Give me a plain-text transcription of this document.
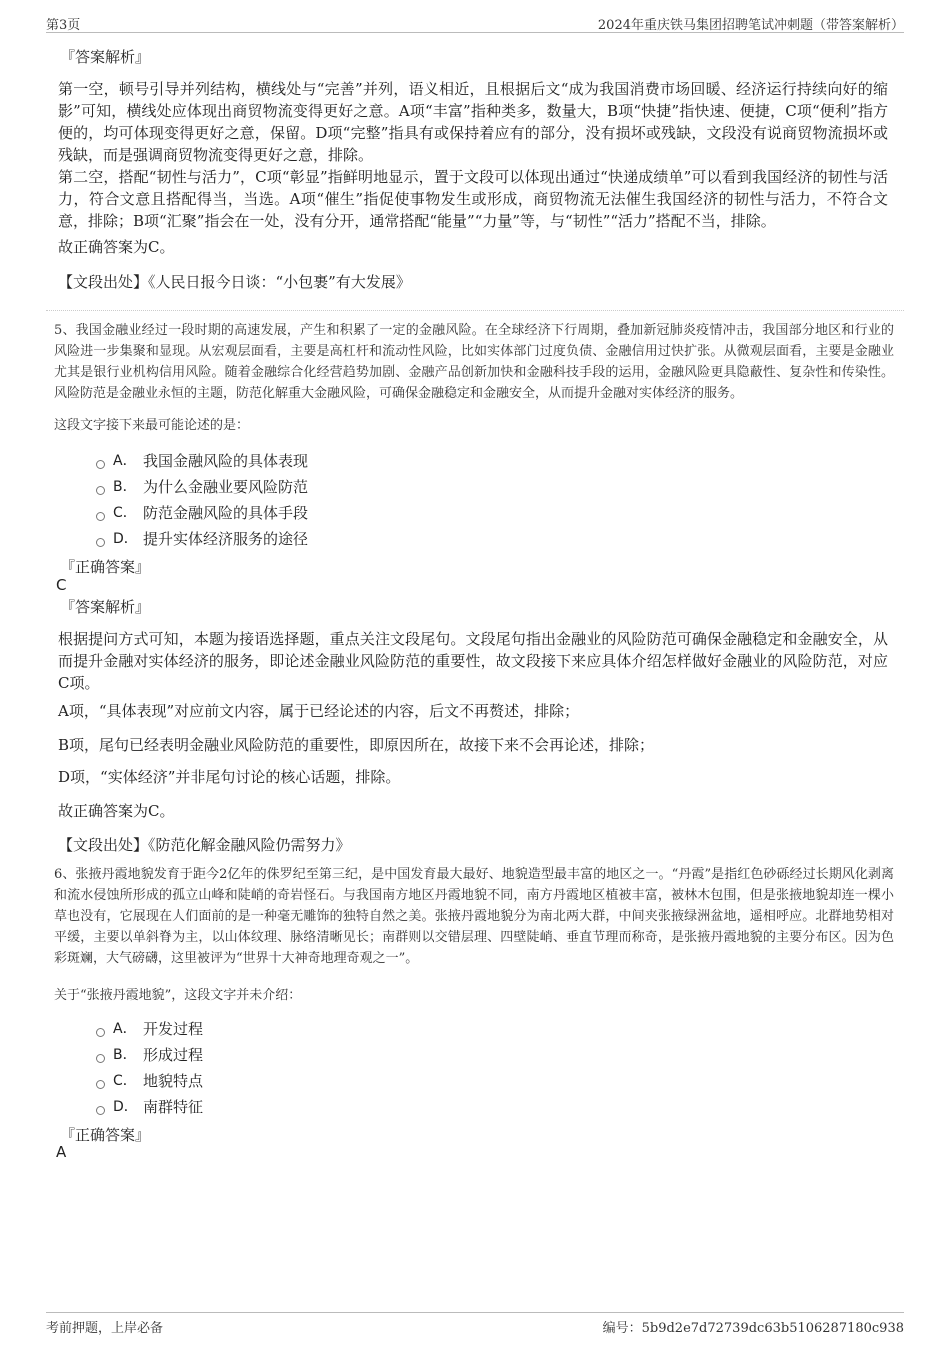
第3页	2024年重庆铁马集团招聘笔试冲刺题（带答案解析）
『答案解析』
第一空，顿号引导并列结构，横线处与“完善”并列，语义相近，且根据后文“成为我国消费市场回暖、经济运行持续向好的缩影”可知，横线处应体现出商贸物流变得更好之意。A项“丰富”指种类多，数量大，B项“快捷”指快速、便捷，C项“便利”指方便的，均可体现变得更好之意，保留。D项“完整”指具有或保持着应有的部分，没有损坏或残缺，文段没有说商贸物流损坏或残缺，而是强调商贸物流变得更好之意，排除。
第二空，搭配“韧性与活力”，C项“彰显”指鲜明地显示，置于文段可以体现出通过“快递成绩单”可以看到我国经济的韧性与活力，符合文意且搭配得当，当选。A项“催生”指促使事物发生或形成，商贸物流无法催生我国经济的韧性与活力，不符合文意，排除；B项“汇聚”指会在一处，没有分开，通常搭配“能量”“力量”等，与“韧性”“活力”搭配不当，排除。
故正确答案为C。
【文段出处】《人民日报今日谈：“小包裹”有大发展》
5、我国金融业经过一段时期的高速发展，产生和积累了一定的金融风险。在全球经济下行周期，叠加新冠肺炎疫情冲击，我国部分地区和行业的风险进一步集聚和显现。从宏观层面看，主要是高杠杆和流动性风险，比如实体部门过度负债、金融信用过快扩张。从微观层面看，主要是金融业尤其是银行业机构信用风险。随着金融综合化经营趋势加剧、金融产品创新加快和金融科技手段的运用，金融风险更具隐蔽性、复杂性和传染性。风险防范是金融业永恒的主题，防范化解重大金融风险，可确保金融稳定和金融安全，从而提升金融对实体经济的服务。
这段文字接下来最可能论述的是：
A． 我国金融风险的具体表现
B． 为什么金融业要风险防范
C． 防范金融风险的具体手段
D． 提升实体经济服务的途径
『正确答案』
C
『答案解析』
根据提问方式可知，本题为接语选择题，重点关注文段尾句。文段尾句指出金融业的风险防范可确保金融稳定和金融安全，从而提升金融对实体经济的服务，即论述金融业风险防范的重要性，故文段接下来应具体介绍怎样做好金融业的风险防范，对应C项。
A项，“具体表现”对应前文内容，属于已经论述的内容，后文不再赘述，排除；
B项，尾句已经表明金融业风险防范的重要性，即原因所在，故接下来不会再论述，排除；
D项，“实体经济”并非尾句讨论的核心话题，排除。
故正确答案为C。
【文段出处】《防范化解金融风险仍需努力》
6、张掖丹霞地貌发育于距今2亿年的侏罗纪至第三纪，是中国发育最大最好、地貌造型最丰富的地区之一。“丹霞”是指红色砂砾经过长期风化剥离和流水侵蚀所形成的孤立山峰和陡峭的奇岩怪石。与我国南方地区丹霞地貌不同，南方丹霞地区植被丰富，被林木包围，但是张掖地貌却连一棵小草也没有，它展现在人们面前的是一种毫无雕饰的独特自然之美。张掖丹霞地貌分为南北两大群，中间夹张掖绿洲盆地，遥相呼应。北群地势相对平缓，主要以单斜脊为主，以山体纹理、脉络清晰见长；南群则以交错层理、四壁陡峭、垂直节理而称奇，是张掖丹霞地貌的主要分布区。因为色彩斑斓，大气磅礴，这里被评为“世界十大神奇地理奇观之一”。
关于“张掖丹霞地貌”，这段文字并未介绍：
A． 开发过程
B． 形成过程
C． 地貌特点
D． 南群特征
『正确答案』
A
考前押题，上岸必备	编号：5b9d2e7d72739dc63b5106287180c938
